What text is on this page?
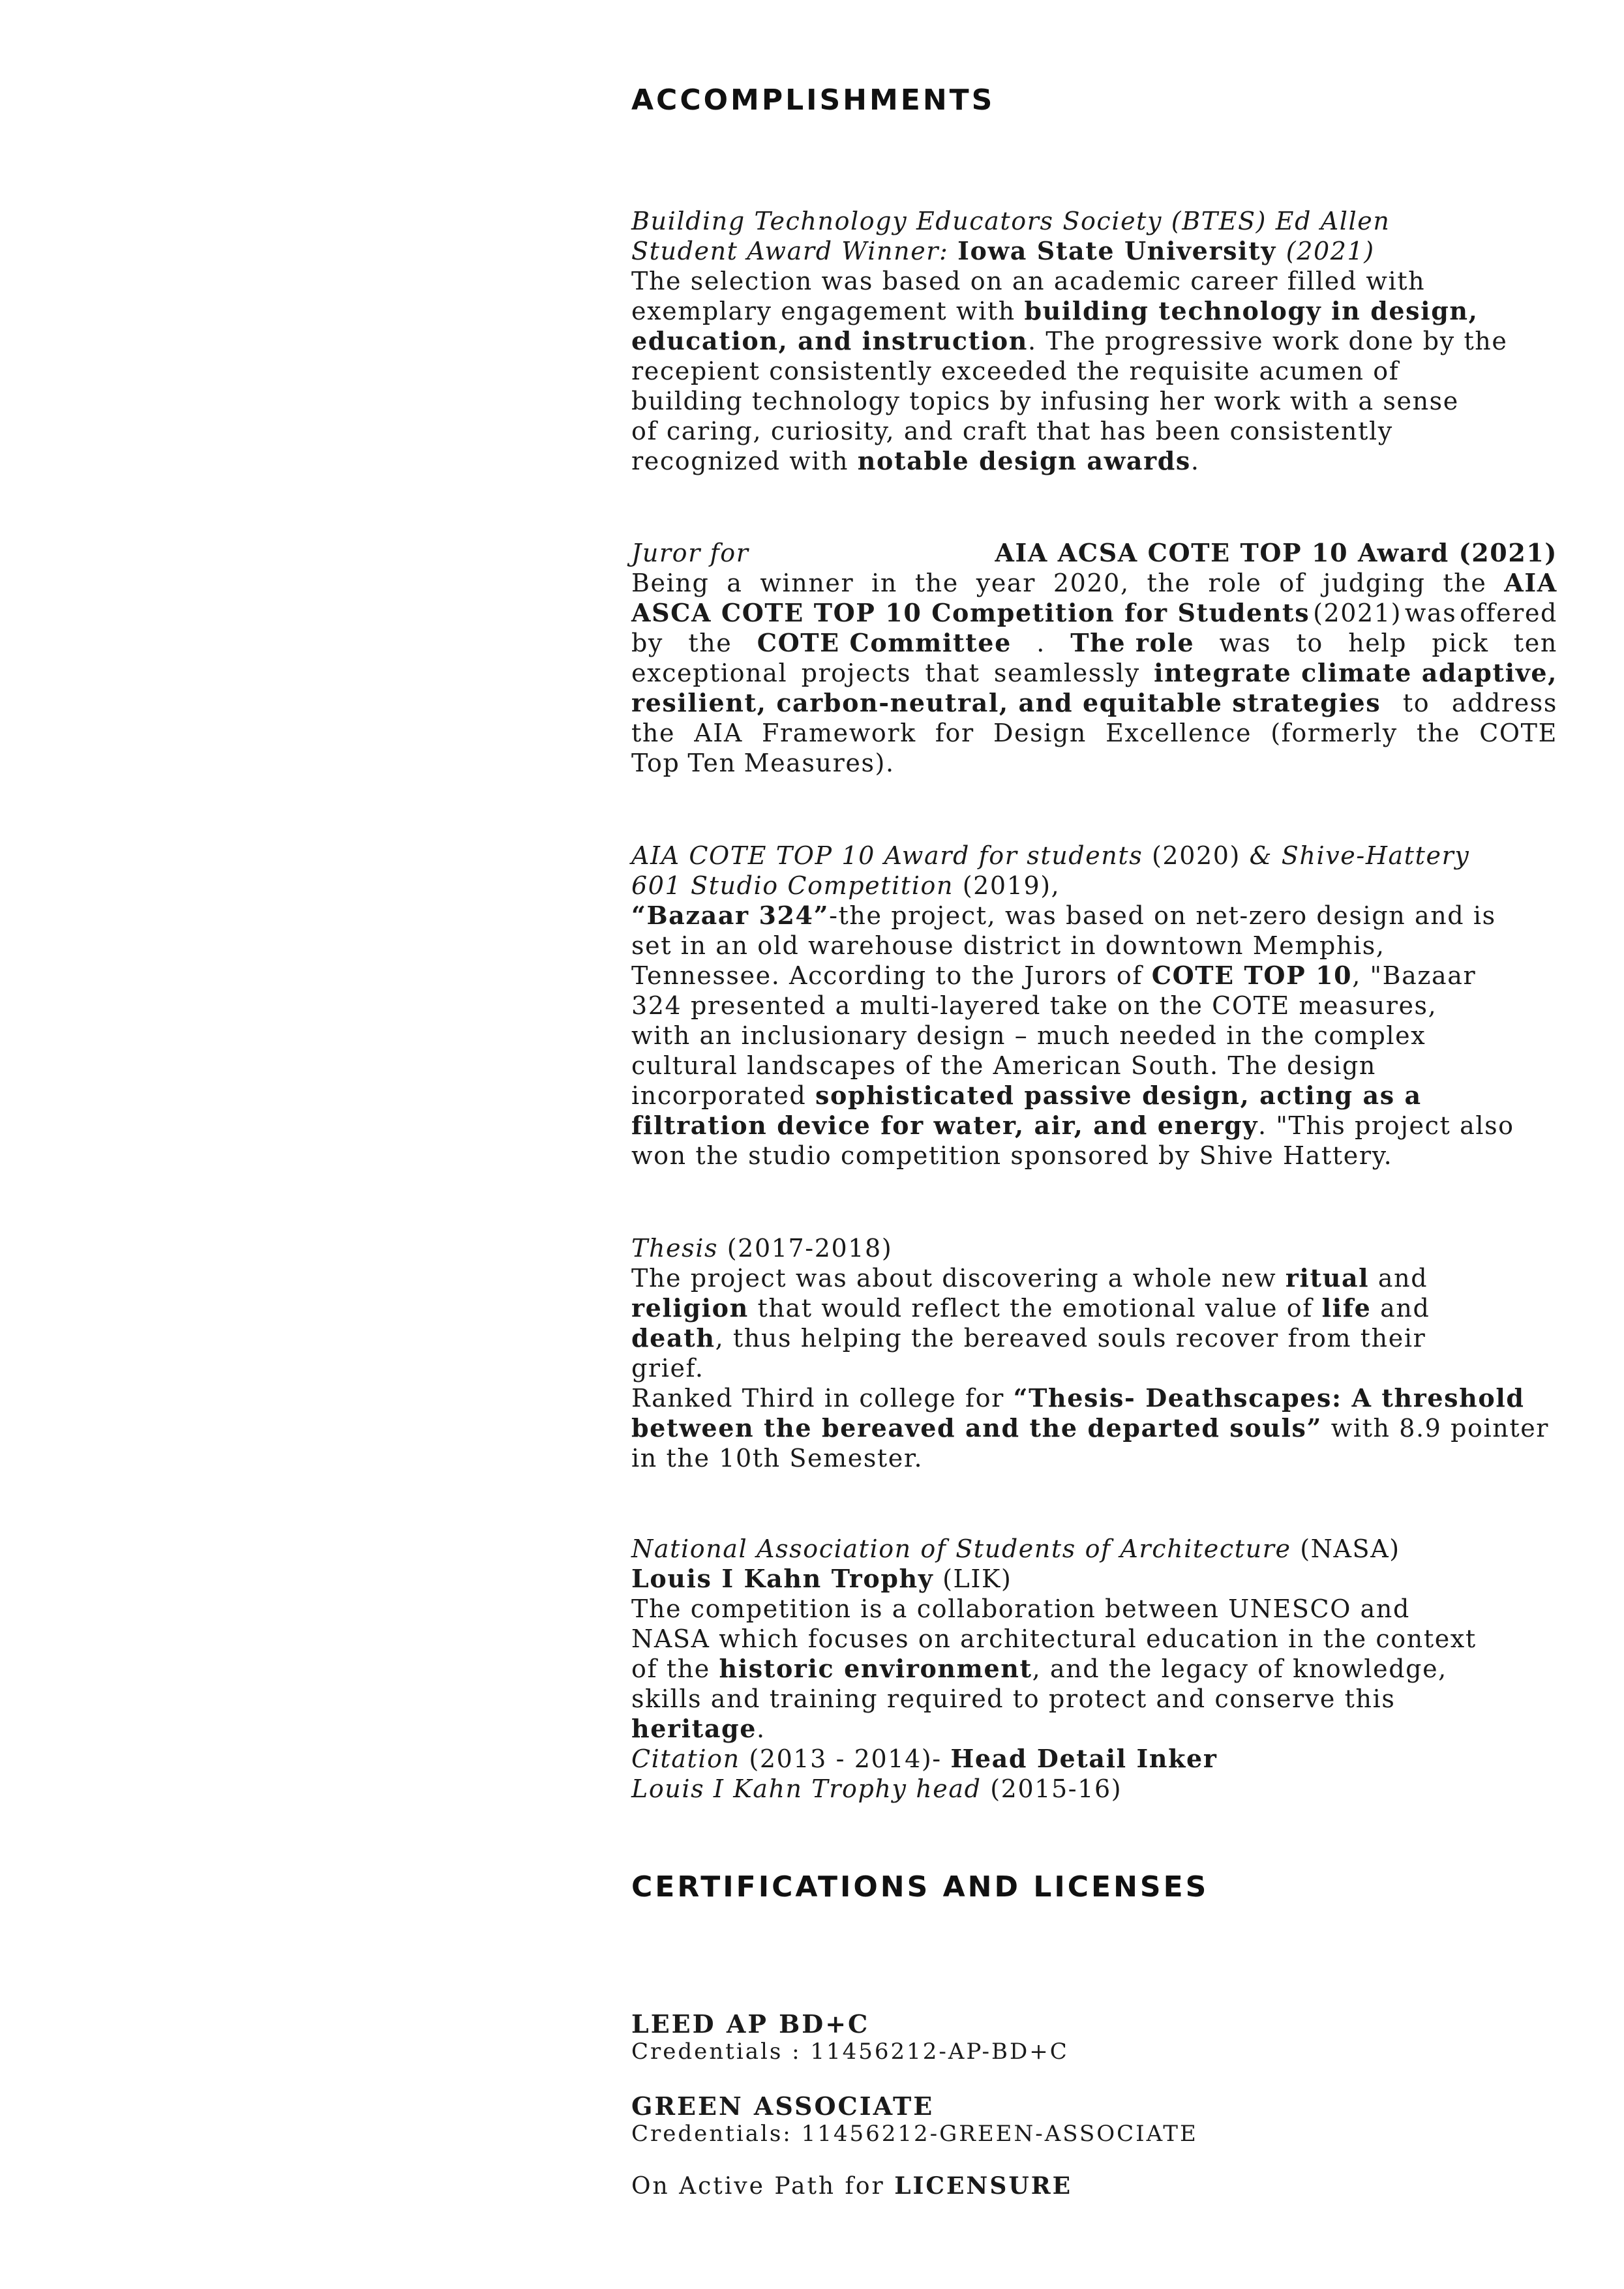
ACCOMPLISHMENTS
Building Technology Educators Society (BTES) Ed Allen
Student Award Winner: Iowa State University (2021)
The selection was based on an academic career filled with
exemplary engagement with building technology in design,
education, and instruction. The progressive work done by the
recepient consistently exceeded the requisite acumen of
building technology topics by infusing her work with a sense
of caring, curiosity, and craft that has been consistently
recognized with notable design awards.
Juror for	AIA ACSA COTE TOP 10 Award (2021)
Being a winner in the year 2020, the role of judging the AIA
ASCA COTE TOP 10 Competition for Students (2021) was offered
by the COTE Committee . The role was to help pick ten
exceptional projects that seamlessly integrate climate adaptive,
resilient, carbon-neutral, and equitable strategies to address
the AIA Framework for Design Excellence (formerly the COTE
Top Ten Measures).
AIA COTE TOP 10 Award for students (2020) & Shive-Hattery
601 Studio Competition (2019),
“Bazaar 324”-the project, was based on net-zero design and is
set in an old warehouse district in downtown Memphis,
Tennessee. According to the Jurors of COTE TOP 10, "Bazaar
324 presented a multi-layered take on the COTE measures,
with an inclusionary design – much needed in the complex
cultural landscapes of the American South. The design
incorporated sophisticated passive design, acting as a
filtration device for water, air, and energy. "This project also
won the studio competition sponsored by Shive Hattery.
Thesis (2017-2018)
The project was about discovering a whole new ritual and
religion that would reflect the emotional value of life and
death, thus helping the bereaved souls recover from their
grief.
Ranked Third in college for “Thesis- Deathscapes: A threshold
between the bereaved and the departed souls” with 8.9 pointer
in the 10th Semester.
National Association of Students of Architecture (NASA)
Louis I Kahn Trophy (LIK)
The competition is a collaboration between UNESCO and
NASA which focuses on architectural education in the context
of the historic environment, and the legacy of knowledge,
skills and training required to protect and conserve this
heritage.
Citation (2013 - 2014)- Head Detail Inker
Louis I Kahn Trophy head (2015-16)
CERTIFICATIONS AND LICENSES
LEED AP BD+C
Credentials : 11456212-AP-BD+C
GREEN ASSOCIATE
Credentials: 11456212-GREEN-ASSOCIATE
On Active Path for LICENSURE
